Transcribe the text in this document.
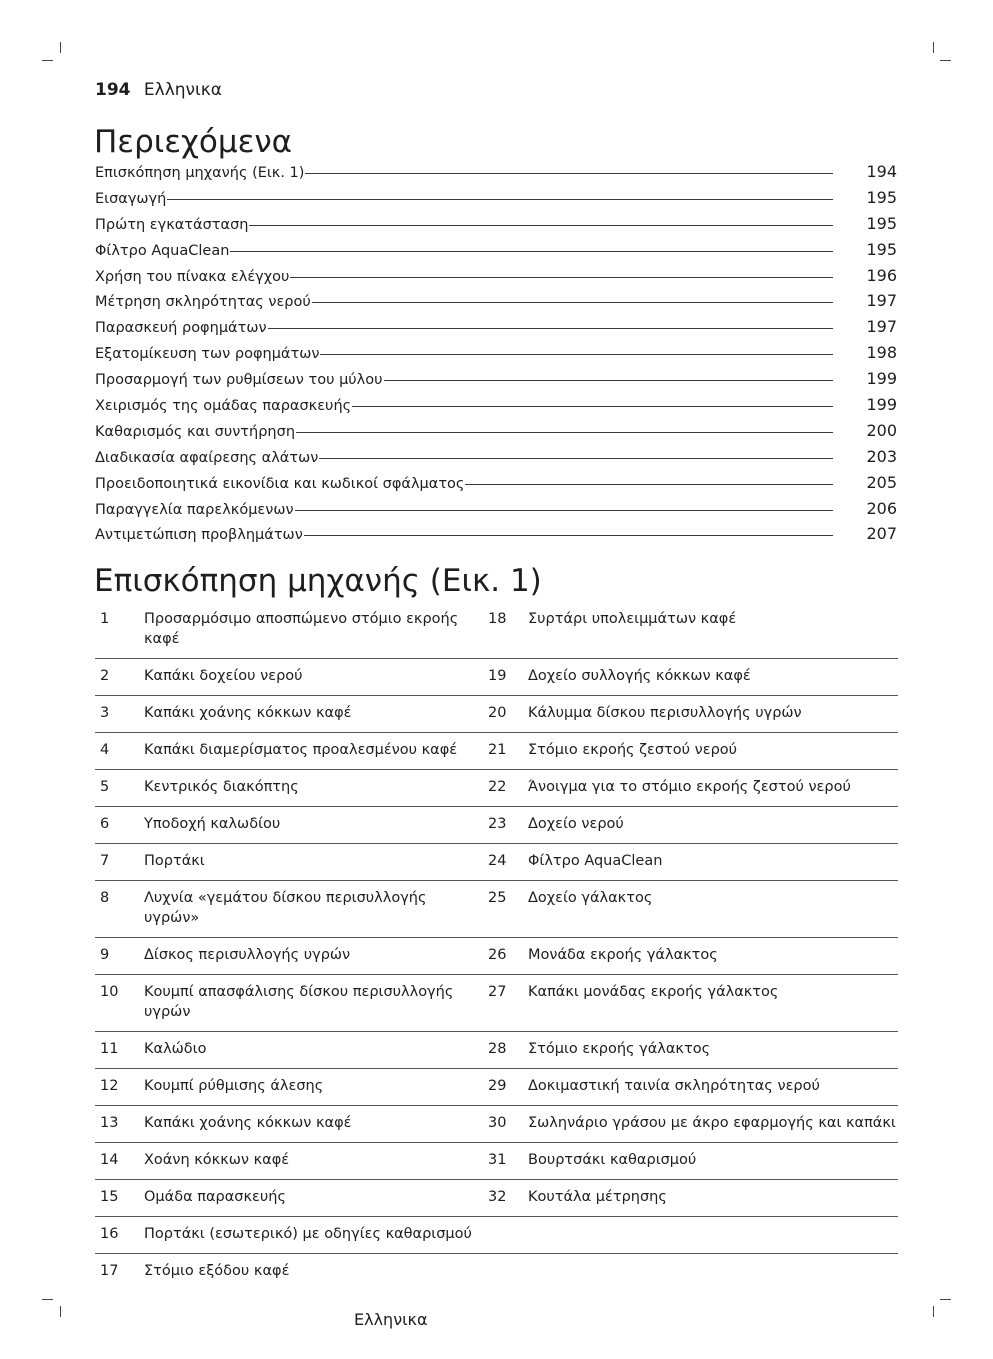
194 Ελληνικα
Περιεχόμενα
Επισκόπηση μηχανής (Εικ. 1)	194
Εισαγωγή	195
Πρώτη εγκατάσταση	195
Φίλτρο AquaClean	195
Χρήση του πίνακα ελέγχου	196
Μέτρηση σκληρότητας νερού	197
Παρασκευή ροφημάτων	197
Εξατομίκευση των ροφημάτων	198
Προσαρμογή των ρυθμίσεων του μύλου	199
Χειρισμός της ομάδας παρασκευής	199
Καθαρισμός και συντήρηση	200
Διαδικασία αφαίρεσης αλάτων	203
Προειδοποιητικά εικονίδια και κωδικοί σφάλματος	205
Παραγγελία παρελκόμενων	206
Αντιμετώπιση προβλημάτων	207
Επισκόπηση μηχανής (Εικ. 1)
1	Προσαρμόσιμο αποσπώμενο στόμιο εκροής καφέ	18	Συρτάρι υπολειμμάτων καφέ
2	Καπάκι δοχείου νερού	19	Δοχείο συλλογής κόκκων καφέ
3	Καπάκι χοάνης κόκκων καφέ	20	Κάλυμμα δίσκου περισυλλογής υγρών
4	Καπάκι διαμερίσματος προαλεσμένου καφέ	21	Στόμιο εκροής ζεστού νερού
5	Κεντρικός διακόπτης	22	Άνοιγμα για το στόμιο εκροής ζεστού νερού
6	Υποδοχή καλωδίου	23	Δοχείο νερού
7	Πορτάκι	24	Φίλτρο AquaClean
8	Λυχνία «γεμάτου δίσκου περισυλλογής υγρών»	25	Δοχείο γάλακτος
9	Δίσκος περισυλλογής υγρών	26	Μονάδα εκροής γάλακτος
10	Κουμπί απασφάλισης δίσκου περισυλλογής υγρών	27	Καπάκι μονάδας εκροής γάλακτος
11	Καλώδιο	28	Στόμιο εκροής γάλακτος
12	Κουμπί ρύθμισης άλεσης	29	Δοκιμαστική ταινία σκληρότητας νερού
13	Καπάκι χοάνης κόκκων καφέ	30	Σωληνάριο γράσου με άκρο εφαρμογής και καπάκι
14	Χοάνη κόκκων καφέ	31	Βουρτσάκι καθαρισμού
15	Ομάδα παρασκευής	32	Κουτάλα μέτρησης
16	Πορτάκι (εσωτερικό) με οδηγίες καθαρισμού		
17	Στόμιο εξόδου καφέ		
Ελληνικα
